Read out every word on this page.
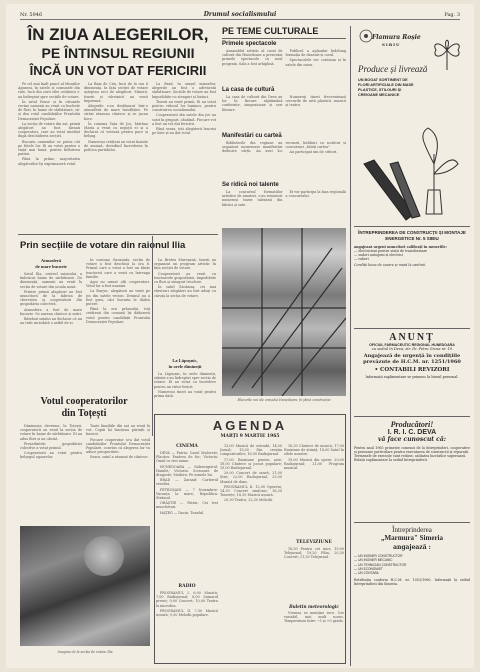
Nr. 5946	Drumul socialismului	Pag. 3
ÎN ZIUA ALEGERILOR,
PE ÎNTINSUL REGIUNII
ÎNCĂ UN VOT DAT FERICIRII

Pe cel mai înalt punct al Munților Apuseni, în satele și comunele din vale, încă din zorii zilei cetățenii s-au îndreptat spre secțiile de votare.

În satul Ponor și în cătunele vecine oamenii au venit cu buchete de flori, în haine de sărbătoare, să-și dea votul candidaților Frontului Democrației Populare.

La secția de votare din sat, primii alegători au fost țăranii cooperatori, care au votat imediat după deschiderea secției.

Bucuria oamenilor se putea citi pe fețele lor. Ei au votat pentru o viață mai bună, pentru înflorirea patriei.

Până la prânz, majoritatea alegătorilor își exprimaseră votul.

La Baia de Criș, încă de la ora 6 dimineața, în fața secției de votare așteptau zeci de alegători. Minerii, tinerii și vârstnicii au venit împreună.

Alegerile s-au desfășurat într-o atmosferă de mare însuflețire. Pe străzi răsunau cântece și se jucau hore.

În comuna Vața de Jos, bătrâna Maria a venit cu nepoții ei și a declarat că votează pentru pace și belșug.

Numeroși cetățeni au votat înainte de amiază, dovedind încrederea în politica partidului.

La Brad, în orașul minerilor, alegerile au fost o adevărată sărbătoare. Secțiile de votare au fost împodobite cu steaguri și lozinci.

Tinerii au venit primii. Ei au votat pentru viitorul lor luminos, pentru construirea socialismului.

Cooperatorii din satele din jur au sosit în grupuri, cântând. Fiecare vot a fost un vot dat fericirii.

Până seara, toți alegătorii înscriși pe liste și-au dat votul.

Prin secțiile de votare din raionul Ilia
Atmosferă
de mare bucurie

Satul Ilia, centrul raionului, a îmbrăcat haine de sărbătoare. De dimineață, oamenii au venit la secția de votare din școala nouă.

Printre primii alegători au fost muncitorii de la fabrica de cherestea și cooperatorii din gospodăria colectivă.

Atmosfera a fost de mare bucurie. Se auzeau cântece și urări.

Bătrânii satului au declarat că nu au trăit niciodată o astfel de zi.

În comuna Gurasada, secția de votare a fost deschisă la ora 6. Primul care a votat a fost un tânăr tractorist care a venit cu întreaga familie.

Apoi au urmat alți cooperatori. Votul lor a fost unanim.

La Burjuc, alegătorii au venit pe jos din satele vecine. Drumul nu a fost greu, căci bucuria le dădea putere.

Până la ora prânzului, toți cetățenii din comună își dăduseră votul pentru candidații Frontului Democrației Populare.

La Bretea Mureșană, tinerii au organizat un program artistic în fața secției de votare.

Cooperatorii au venit cu tractoarele gospodăriei, împodobite cu flori și steaguri tricolore.

În satul Săcămaș, cei mai vârstnici alegători au fost aduși cu căruța la secția de votare.

La Lăpușnic,
în orele dimineții

La Lăpușnic, în orele dimineții, sătenii s-au îndreptat spre secția de votare. Ei au votat cu încredere pentru un viitor fericit.

Numeroși tineri au votat pentru prima dată.

Votul cooperatorilor
din Toțești

Dimineața devreme, la Toțești, cooperatorii au venit la secția de votare în haine de sărbătoare. Ei au adus flori și au cântat.

Președintele gospodăriei colective a votat primul.

Cooperatorii au votat pentru belșugul ogoarelor.

Toate familiile din sat au venit la vot. Copiii își însoțeau părinții și bunicii.

Fiecare cooperator și-a dat votul candidaților Frontului Democrației Populare, convins că alegerea lor va aduce prosperitate.

Seara, satul a răsunat de cântece.

Imagine de la secția de votare Ilia
PE TEME CULTURALE
Primele spectacole

Ansamblul artistic al casei de cultură din Hunedoara a prezentat primele spectacole cu noul program. Sala a fost arhiplină.

Publicul a aplaudat îndelung formația de dansuri și corul.

Spectacolele vor continua și în satele din raion.

La casa de cultură

La casa de cultură din Deva au loc în fiecare săptămână conferințe, simpozioane și seri literare.

Numeroși tineri frecventează cercurile de artă plastică, muzică și teatru.

Manifestări cu carteă

Bibliotecile din regiune au organizat numeroase manifestări dedicate cărții. Au avut loc recenzii, întâlniri cu scriitori și concursuri „Iubiți cartea".

Au participat mii de cititori.

Se ridică noi talente

La concursul formațiilor artistice de amatori, s-au remarcat numeroși tineri talentați din fabrici și sate.

Ei vor participa la faza regională a concursului.

Blocurile noi ale orașului Hunedoara, în plină construcție
AGENDA
MARȚI 9 MARTIE 1965
CINEMA

DEVA — Patria: Cazul Malovetz; Flacăra: Pasărea de foc; Victoria: Omul cu trei nume.

HUNEDOARA — Siderurgistul: Hamlet; Victoria: Scrisoare de dragoste; Modern: Pe urmele lui.

BRAD — Zarand: Cartierul veseliei.

PETROȘANI — 7 Noiembrie: Vacanța la mare; Republica: Străinul.

ORĂȘTIE — Patria: Cei trei muschetari.

HAȚEG — Dacia: Tunelul.

RADIO

PROGRAMUL I. 6,00 Muzică; 7,00 Radiojurnal; 8,00 Sumarul presei; 9,00 Concert; 10,00 Teatru la microfon.

PROGRAMUL II. 7,30 Muzică ușoară; 9,30 Melodii populare.

13,00 Muzică de estradă; 14,00 Jurnal; 15,00 Din creația compozitorilor; 16,00 Radiojurnal.

17,00 Emisiune pentru sate; 18,00 Cântece și jocuri populare; 19,00 Radiojurnal.

20,00 Concert de seară; 21,00 Știri; 22,00 Radiojurnal; 23,00 Muzică de dans.

PROGRAMUL II. 12,00 Opereta; 14,30 Concert simfonic; 16,30 Tinerețe; 18,30 Muzică ușoară.

20,30 Teatru; 22,30 Melodii.

TELEVIZIUNE

16,30 Cântece de muncă; 17,00 Emisiune de știință; 18,00 Satul în zilele noastre.

19,00 Muzică din opere; 20,00 Radiojurnal; 21,00 Program muzical.

18,30 Pentru cei mici; 19,00 Telejurnal; 19,20 Film; 20,30 Concert; 21,30 Telejurnal.

Buletin meteorologic

Vremea se menține rece. Cer variabil, mai mult noros. Temperatura între −5 și +5 grade.

Flamura Roșie
SIBIU
Produce și livrează
UN BOGAT SORTIMENT DE
FLORI ARTIFICIALE DIN MASE
PLASTICE, STILOURI ȘI
CREIOANE MECANICE
ÎNTREPRINDEREA DE CONSTRUCȚII ȘI MONTAJE ENERGETICE Nr. 5 SIBIU
angajează urgent muncitori calificați în meseriile:
— electricieni pentru stații de transformare
— sudori autogeni și electrici
— rulieri
Condiții bune de cazare și masă la cantină.
ANUNȚ
OFICIUL FARMACEUTIC REGIONAL HUNEDOARA
cu sediul în Deva, str. Dr. Petru Groza nr. 19
Angajează de urgență în condițiile
prevăzute de H.C.M. nr. 1251/1960
• CONTABILI REVIZORI
Informații suplimentare se primesc la biroul personal.
Producători!
I. R. I. C. DEVA
vă face cunoscut că:

Pentru anul 1965 primește comenzi de la întreprinderi, cooperative și persoane particulare pentru executarea de construcții și reparații.

Termenele de execuție sunt reduse, calitatea lucrărilor superioară.

Relații suplimentare la sediul întreprinderii.

Întreprinderea
„Marmura" Simeria
angajează :
— UN INGINER CONSTRUCTOR
— UN INGINER MECANIC
— UN TEHNICIAN CONSTRUCTOR
— UN ECONOMIST
— UN CONTABIL

Retribuția conform H.C.M. nr. 1053/1960. Informații la sediul întreprinderii din Simeria.
